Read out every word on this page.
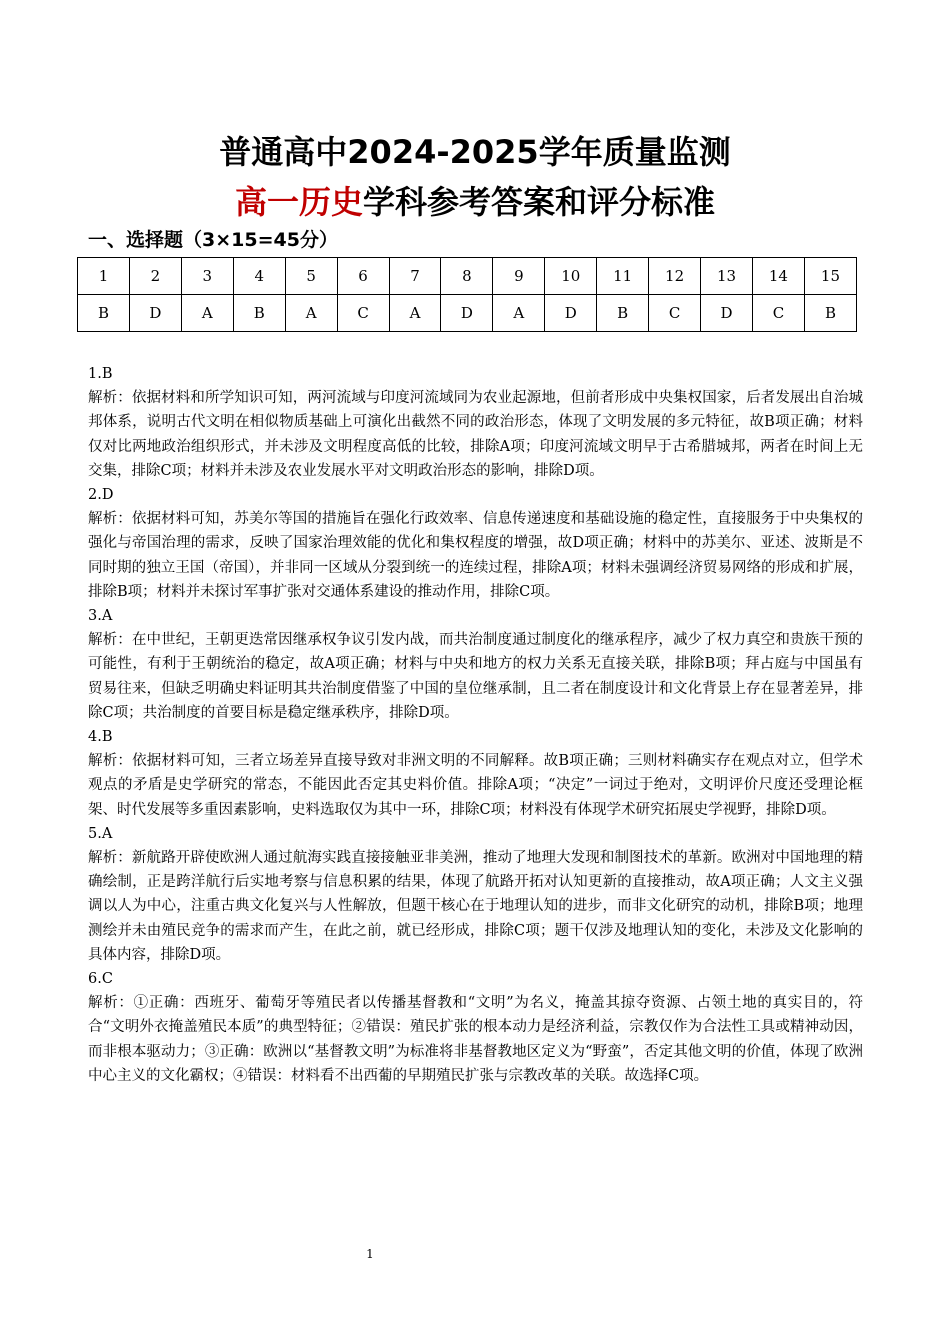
普通高中2024-2025学年质量监测
高一历史学科参考答案和评分标准
一、选择题（3×15=45分）
1	2	3	4	5	6	7	8	9	10	11	12	13	14	15
B	D	A	B	A	C	A	D	A	D	B	C	D	C	B

1.B

解析：依据材料和所学知识可知，两河流域与印度河流域同为农业起源地，但前者形成中央集权国家，后者发展出自治城邦体系，说明古代文明在相似物质基础上可演化出截然不同的政治形态，体现了文明发展的多元特征，故B项正确；材料仅对比两地政治组织形式，并未涉及文明程度高低的比较，排除A项；印度河流域文明早于古希腊城邦，两者在时间上无交集，排除C项；材料并未涉及农业发展水平对文明政治形态的影响，排除D项。

2.D

解析：依据材料可知，苏美尔等国的措施旨在强化行政效率、信息传递速度和基础设施的稳定性，直接服务于中央集权的强化与帝国治理的需求，反映了国家治理效能的优化和集权程度的增强，故D项正确；材料中的苏美尔、亚述、波斯是不同时期的独立王国（帝国），并非同一区域从分裂到统一的连续过程，排除A项；材料未强调经济贸易网络的形成和扩展，排除B项；材料并未探讨军事扩张对交通体系建设的推动作用，排除C项。

3.A

解析：在中世纪，王朝更迭常因继承权争议引发内战，而共治制度通过制度化的继承程序，减少了权力真空和贵族干预的可能性，有利于王朝统治的稳定，故A项正确；材料与中央和地方的权力关系无直接关联，排除B项；拜占庭与中国虽有贸易往来，但缺乏明确史料证明其共治制度借鉴了中国的皇位继承制，且二者在制度设计和文化背景上存在显著差异，排除C项；共治制度的首要目标是稳定继承秩序，排除D项。

4.B

解析：依据材料可知，三者立场差异直接导致对非洲文明的不同解释。故B项正确；三则材料确实存在观点对立，但学术观点的矛盾是史学研究的常态，不能因此否定其史料价值。排除A项；“决定”一词过于绝对，文明评价尺度还受理论框架、时代发展等多重因素影响，史料选取仅为其中一环，排除C项；材料没有体现学术研究拓展史学视野，排除D项。

5.A

解析：新航路开辟使欧洲人通过航海实践直接接触亚非美洲，推动了地理大发现和制图技术的革新。欧洲对中国地理的精确绘制，正是跨洋航行后实地考察与信息积累的结果，体现了航路开拓对认知更新的直接推动，故A项正确；人文主义强调以人为中心，注重古典文化复兴与人性解放，但题干核心在于地理认知的进步，而非文化研究的动机，排除B项；地理测绘并未由殖民竞争的需求而产生，在此之前，就已经形成，排除C项；题干仅涉及地理认知的变化，未涉及文化影响的具体内容，排除D项。

6.C

解析：①正确：西班牙、葡萄牙等殖民者以传播基督教和“文明”为名义，掩盖其掠夺资源、占领土地的真实目的，符合“文明外衣掩盖殖民本质”的典型特征；②错误：殖民扩张的根本动力是经济利益，宗教仅作为合法性工具或精神动因，而非根本驱动力；③正确：欧洲以“基督教文明”为标准将非基督教地区定义为“野蛮”，否定其他文明的价值，体现了欧洲中心主义的文化霸权；④错误：材料看不出西葡的早期殖民扩张与宗教改革的关联。故选择C项。

1
